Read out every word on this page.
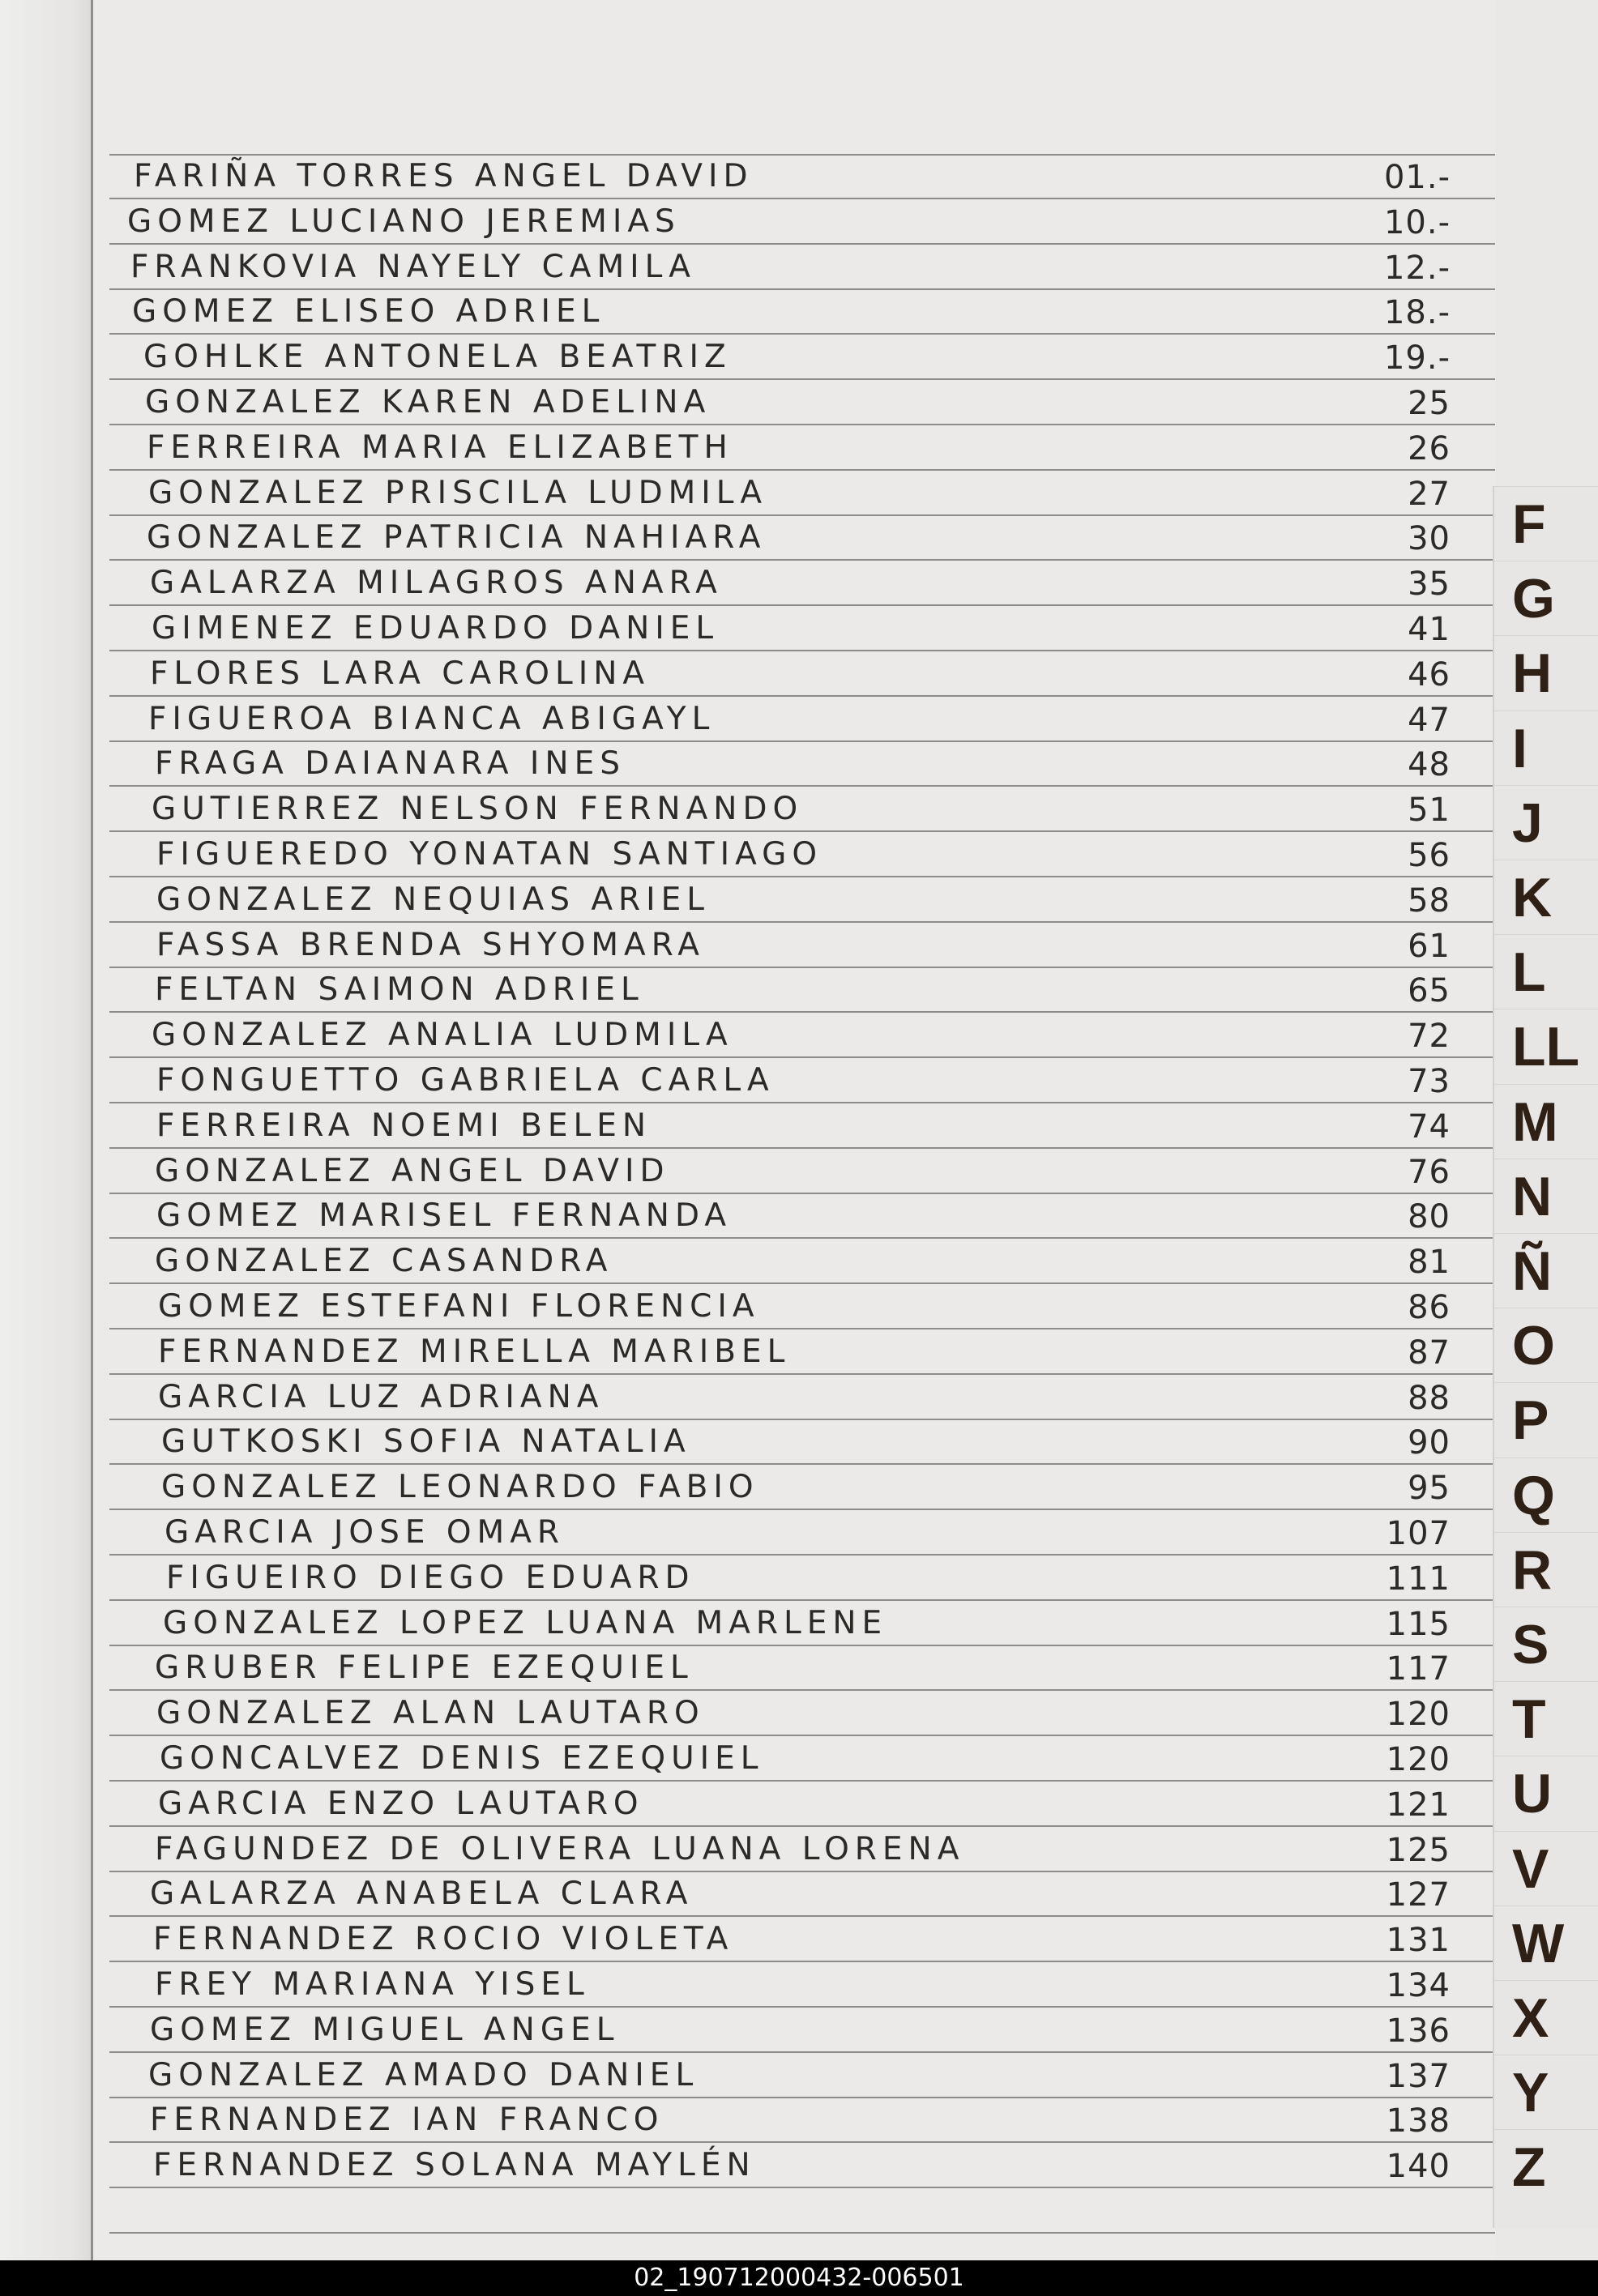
FARIÑA TORRES ANGEL DAVID	01.-
GOMEZ LUCIANO JEREMIAS	10.-
FRANKOVIA NAYELY CAMILA	12.-
GOMEZ ELISEO ADRIEL	18.-
GOHLKE ANTONELA BEATRIZ	19.-
GONZALEZ KAREN ADELINA	25
FERREIRA MARIA ELIZABETH	26
GONZALEZ PRISCILA LUDMILA	27
GONZALEZ PATRICIA NAHIARA	30
GALARZA MILAGROS ANARA	35
GIMENEZ EDUARDO DANIEL	41
FLORES LARA CAROLINA	46
FIGUEROA BIANCA ABIGAYL	47
FRAGA DAIANARA INES	48
GUTIERREZ NELSON FERNANDO	51
FIGUEREDO YONATAN SANTIAGO	56
GONZALEZ NEQUIAS ARIEL	58
FASSA BRENDA SHYOMARA	61
FELTAN SAIMON ADRIEL	65
GONZALEZ ANALIA LUDMILA	72
FONGUETTO GABRIELA CARLA	73
FERREIRA NOEMI BELEN	74
GONZALEZ ANGEL DAVID	76
GOMEZ MARISEL FERNANDA	80
GONZALEZ CASANDRA	81
GOMEZ ESTEFANI FLORENCIA	86
FERNANDEZ MIRELLA MARIBEL	87
GARCIA LUZ ADRIANA	88
GUTKOSKI SOFIA NATALIA	90
GONZALEZ LEONARDO FABIO	95
GARCIA JOSE OMAR	107
FIGUEIRO DIEGO EDUARD	111
GONZALEZ LOPEZ LUANA MARLENE	115
GRUBER FELIPE EZEQUIEL	117
GONZALEZ ALAN LAUTARO	120
GONCALVEZ DENIS EZEQUIEL	120
GARCIA ENZO LAUTARO	121
FAGUNDEZ DE OLIVERA LUANA LORENA	125
GALARZA ANABELA CLARA	127
FERNANDEZ ROCIO VIOLETA	131
FREY MARIANA YISEL	134
GOMEZ MIGUEL ANGEL	136
GONZALEZ AMADO DANIEL	137
FERNANDEZ IAN FRANCO	138
FERNANDEZ SOLANA MAYLÉN	140
F
G
H
I
J
K
L
LL
M
N
Ñ
O
P
Q
R
S
T
U
V
W
X
Y
Z
02_190712000432-006501
